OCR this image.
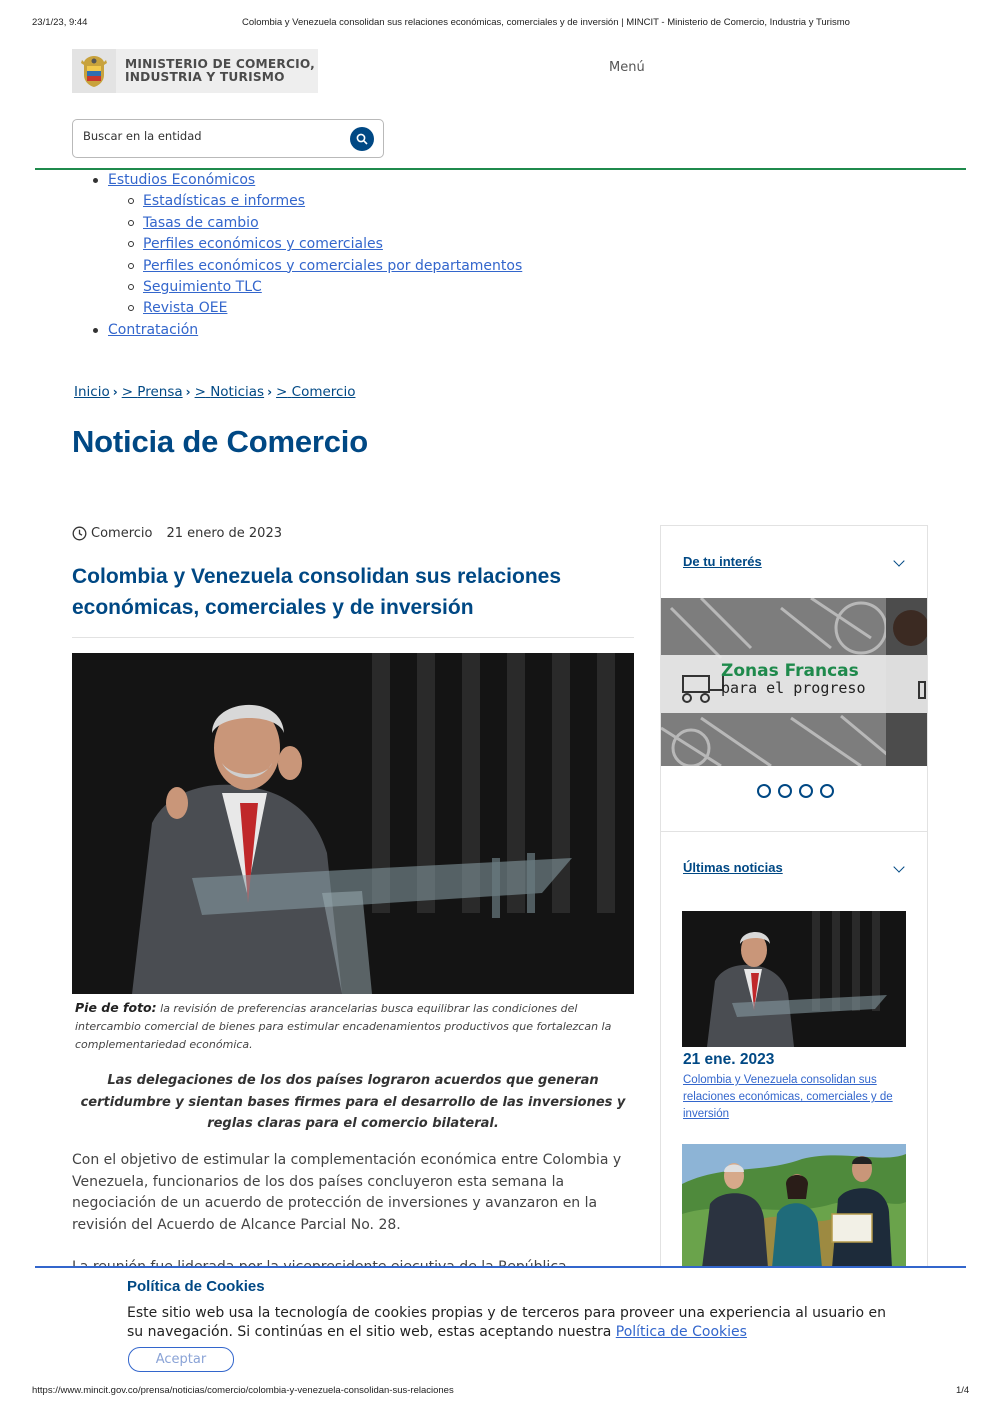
23/1/23, 9:44	Colombia y Venezuela consolidan sus relaciones económicas, comerciales y de inversión | MINCIT - Ministerio de Comercio, Industria y Turismo
MINISTERIO DE COMERCIO,
INDUSTRIA Y TURISMO
Menú
Buscar en la entidad
Estudios Económicos
Estadísticas e informes
Tasas de cambio
Perfiles económicos y comerciales
Perfiles económicos y comerciales por departamentos
Seguimiento TLC
Revista OEE
Contratación
Inicio › > Prensa › > Noticias › > Comercio
Noticia de Comercio
Comercio 21 enero de 2023
Colombia y Venezuela consolidan sus relaciones económicas, comerciales y de inversión
Pie de foto: la revisión de preferencias arancelarias busca equilibrar las condiciones del intercambio comercial de bienes para estimular encadenamientos productivos que fortalezcan la complementariedad económica.

Las delegaciones de los dos países lograron acuerdos que generan certidumbre y sientan bases firmes para el desarrollo de las inversiones y reglas claras para el comercio bilateral.

Con el objetivo de estimular la complementación económica entre Colombia y Venezuela, funcionarios de los dos países concluyeron esta semana la negociación de un acuerdo de protección de inversiones y avanzaron en la revisión del Acuerdo de Alcance Parcial No. 28.

De tu interés
Zonas Francas
para el progreso
Últimas noticias
21 ene. 2023
Colombia y Venezuela consolidan sus relaciones económicas, comerciales y de inversión
Política de Cookies
Este sitio web usa la tecnología de cookies propias y de terceros para proveer una experiencia al usuario en su navegación. Si continúas en el sitio web, estas aceptando nuestra Política de Cookies
Aceptar
https://www.mincit.gov.co/prensa/noticias/comercio/colombia-y-venezuela-consolidan-sus-relaciones	1/4
